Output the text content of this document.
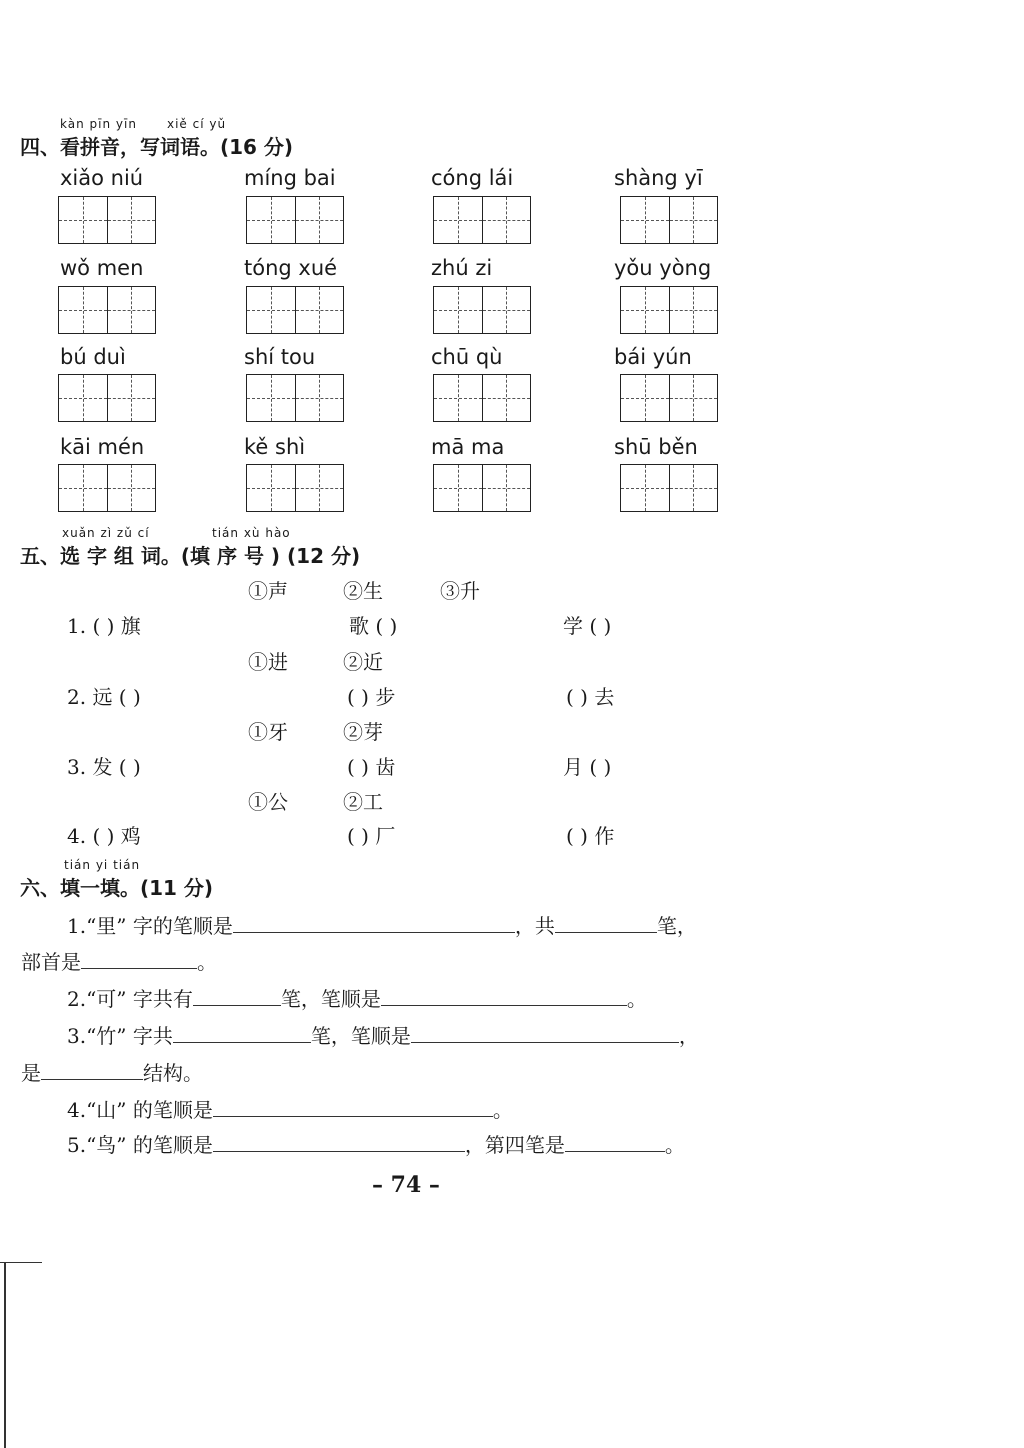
kàn pīn yīn	xiě cí yǔ
四、看拼音，写词语。(16 分)
xiǎo niú	míng bai	cóng lái	shàng yī
wǒ men	tóng xué	zhú zi	yǒu yòng
bú duì	shí tou	chū qù	bái yún
kāi mén	kě shì	mā ma	shū běn
xuǎn zì zǔ cí	tián xù hào
五、选 字 组 词。(填 序 号 ) (12 分)
①声	②生	③升
1. ( ) 旗	歌 ( )	学 ( )
①进	②近
2. 远 ( )	( ) 步	( ) 去
①牙	②芽
3. 发 ( )	( ) 齿	月 ( )
①公	②工
4. ( ) 鸡	( ) 厂	( ) 作
tián yi tián
六、填一填。(11 分)
1.“里” 字的笔顺是	，共	笔，
部首是	。
2.“可” 字共有	笔，笔顺是	。
3.“竹” 字共	笔，笔顺是	，
是	结构。
4.“山” 的笔顺是	。
5.“鸟” 的笔顺是	，第四笔是	。
– 74 –
